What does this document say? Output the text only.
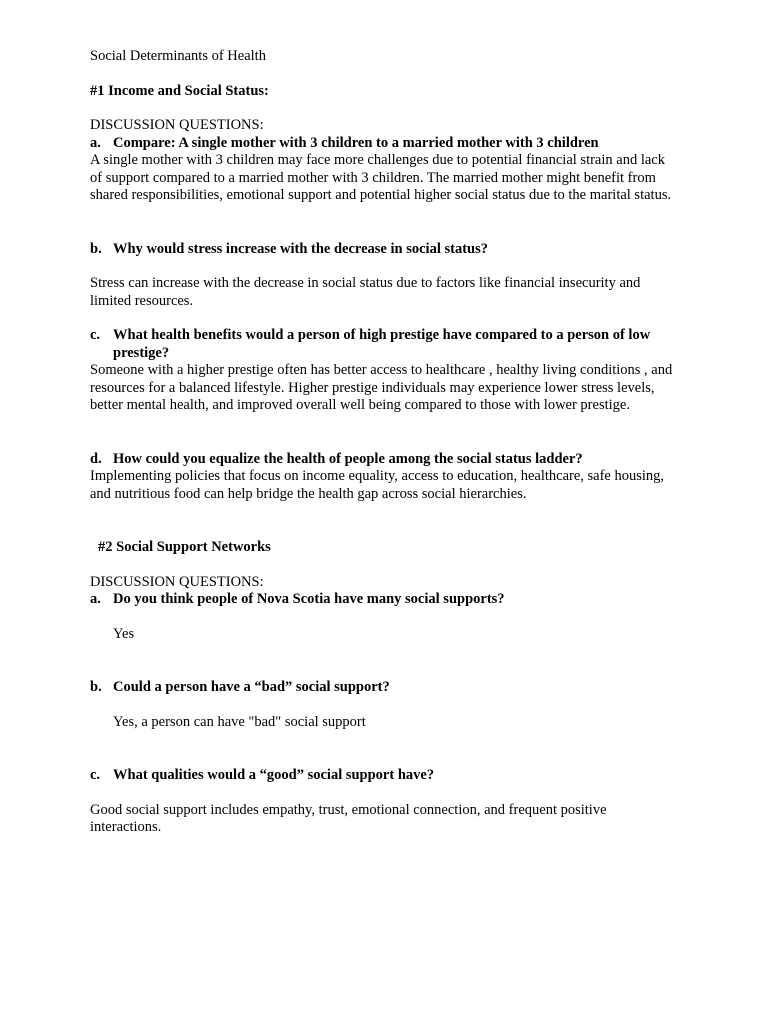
Social Determinants of Health

#1 Income and Social Status:

DISCUSSION QUESTIONS:

a. Compare: A single mother with 3 children to a married mother with 3 children

A single mother with 3 children may face more challenges due to potential financial strain and lack of support compared to a married mother with 3 children. The married mother might benefit from shared responsibilities, emotional support and potential higher social status due to the marital status.

b. Why would stress increase with the decrease in social status?

Stress can increase with the decrease in social status due to factors like financial insecurity and limited resources.

c. What health benefits would a person of high prestige have compared to a person of low prestige?

Someone with a higher prestige often has better access to healthcare , healthy living conditions , and resources for a balanced lifestyle. Higher prestige individuals may experience lower stress levels, better mental health, and improved overall well being compared to those with lower prestige.

d. How could you equalize the health of people among the social status ladder?

Implementing policies that focus on income equality, access to education, healthcare, safe housing, and nutritious food can help bridge the health gap across social hierarchies.

#2 Social Support Networks

DISCUSSION QUESTIONS:

a. Do you think people of Nova Scotia have many social supports?

Yes

b. Could a person have a “bad” social support?

Yes, a person can have "bad" social support

c. What qualities would a “good” social support have?

Good social support includes empathy, trust, emotional connection, and frequent positive interactions.
